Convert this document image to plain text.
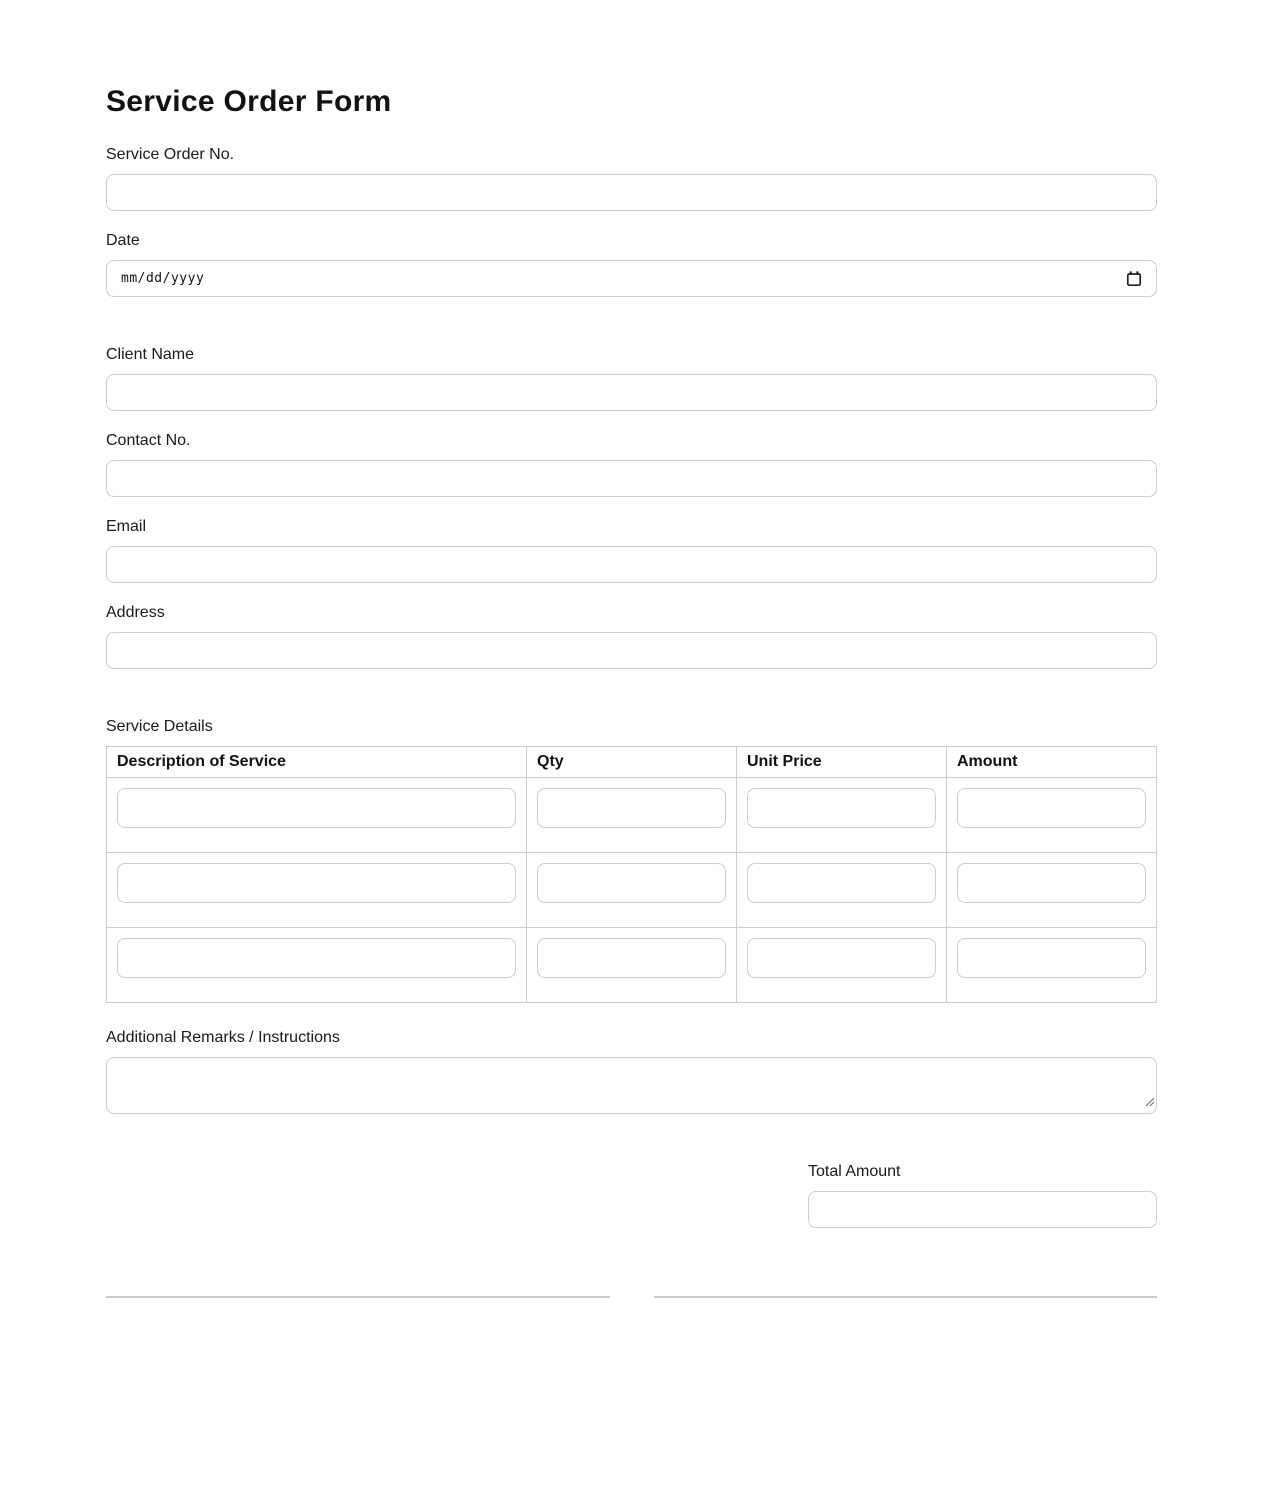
Service Order Form
Service Order No.
Date
mm/dd/yyyy
Client Name
Contact No.
Email
Address
Service Details
Description of Service	Qty	Unit Price	Amount

Additional Remarks / Instructions
Total Amount
